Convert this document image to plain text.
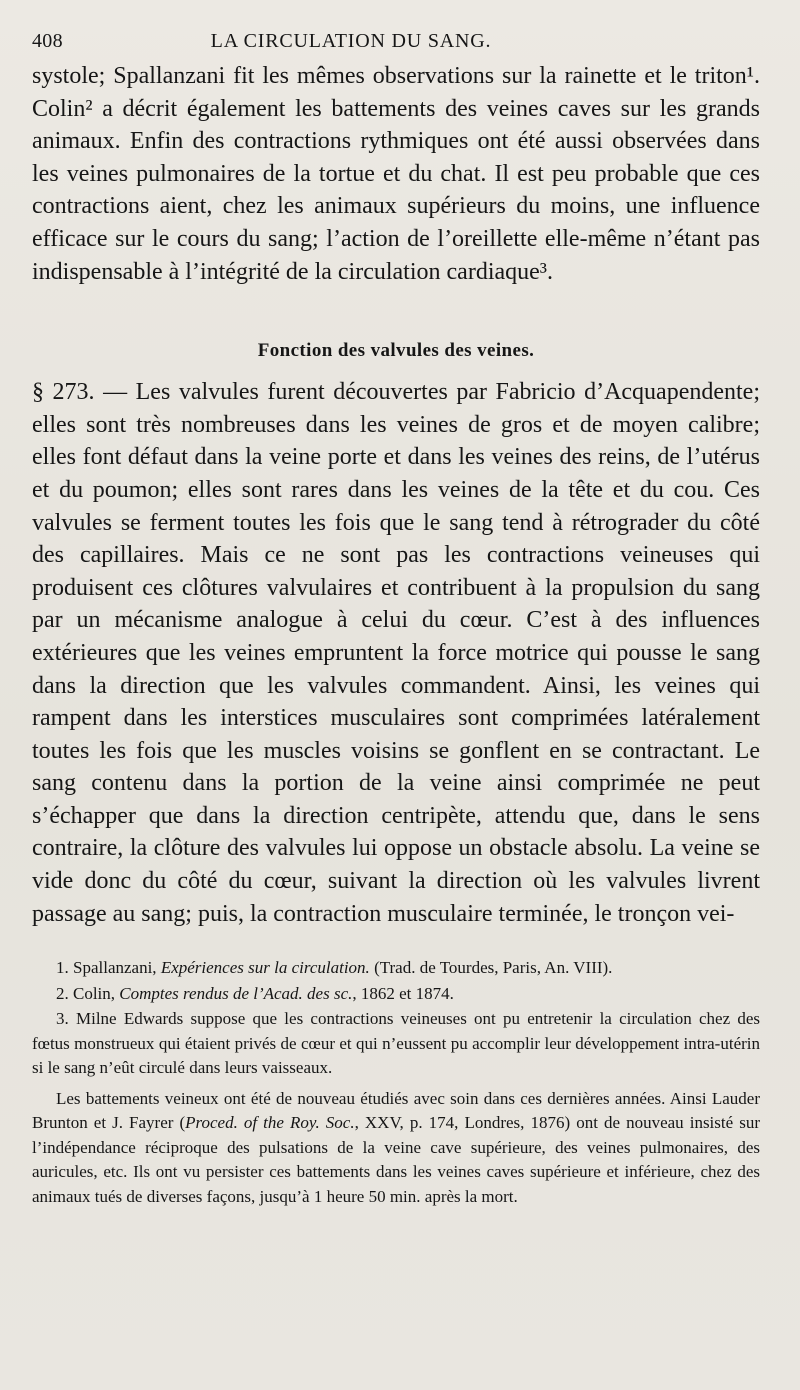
408	LA CIRCULATION DU SANG.

systole; Spallanzani fit les mêmes observations sur la rainette et le triton¹. Colin² a décrit également les battements des veines caves sur les grands animaux. Enfin des contractions rythmiques ont été aussi observées dans les veines pulmonaires de la tortue et du chat. Il est peu probable que ces contractions aient, chez les animaux supérieurs du moins, une influence efficace sur le cours du sang; l’action de l’oreillette elle-même n’étant pas indispensable à l’intégrité de la circulation cardiaque³.

Fonction des valvules des veines.

§ 273. — Les valvules furent découvertes par Fabricio d’Acquapendente; elles sont très nombreuses dans les veines de gros et de moyen calibre; elles font défaut dans la veine porte et dans les veines des reins, de l’utérus et du poumon; elles sont rares dans les veines de la tête et du cou. Ces valvules se ferment toutes les fois que le sang tend à rétrograder du côté des capillaires. Mais ce ne sont pas les contractions veineuses qui produisent ces clôtures valvulaires et contribuent à la propulsion du sang par un mécanisme analogue à celui du cœur. C’est à des influences extérieures que les veines empruntent la force motrice qui pousse le sang dans la direction que les valvules commandent. Ainsi, les veines qui rampent dans les interstices musculaires sont comprimées latéralement toutes les fois que les muscles voisins se gonflent en se contractant. Le sang contenu dans la portion de la veine ainsi comprimée ne peut s’échapper que dans la direction centripète, attendu que, dans le sens contraire, la clôture des valvules lui oppose un obstacle absolu. La veine se vide donc du côté du cœur, suivant la direction où les valvules livrent passage au sang; puis, la contraction musculaire terminée, le tronçon vei-

1. Spallanzani, Expériences sur la circulation. (Trad. de Tourdes, Paris, An. VIII).

2. Colin, Comptes rendus de l’Acad. des sc., 1862 et 1874.

3. Milne Edwards suppose que les contractions veineuses ont pu entretenir la circulation chez des fœtus monstrueux qui étaient privés de cœur et qui n’eussent pu accomplir leur développement intra-utérin si le sang n’eût circulé dans leurs vaisseaux.

Les battements veineux ont été de nouveau étudiés avec soin dans ces dernières années. Ainsi Lauder Brunton et J. Fayrer (Proced. of the Roy. Soc., XXV, p. 174, Londres, 1876) ont de nouveau insisté sur l’indépendance réciproque des pulsations de la veine cave supérieure, des veines pulmonaires, des auricules, etc. Ils ont vu persister ces battements dans les veines caves supérieure et inférieure, chez des animaux tués de diverses façons, jusqu’à 1 heure 50 min. après la mort.
